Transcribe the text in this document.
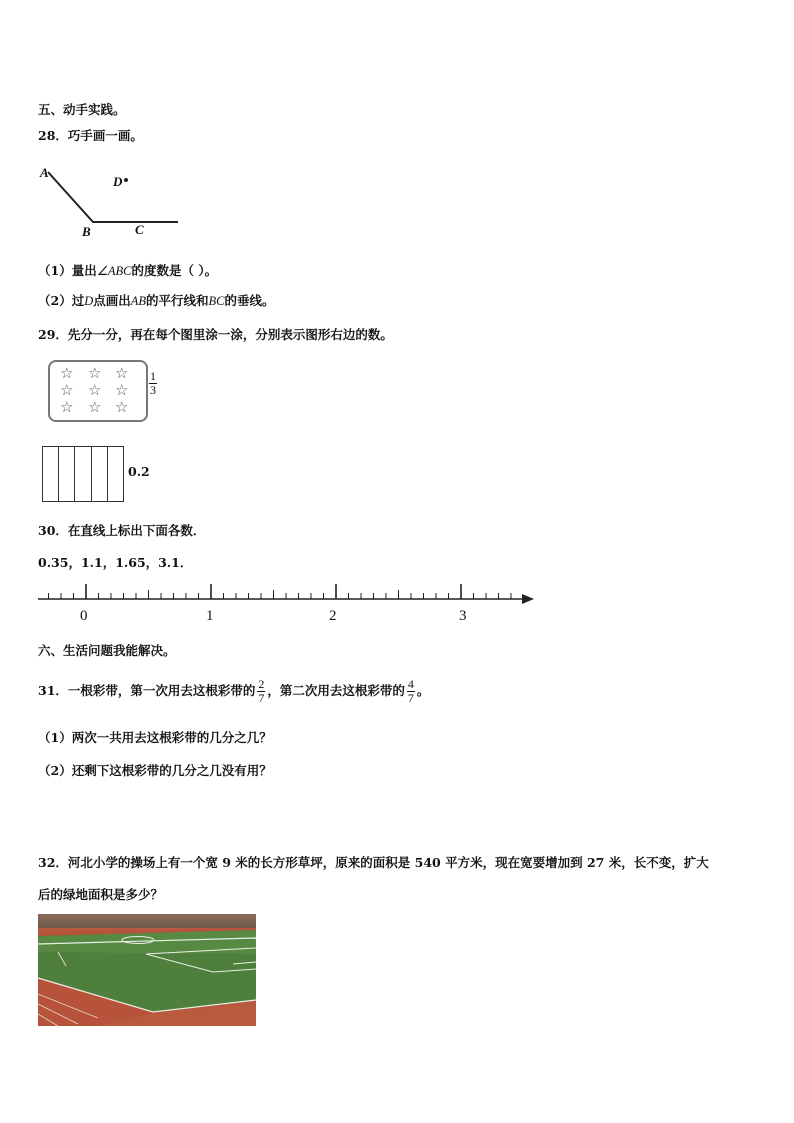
五、动手实践。
28．巧手画一画。
A
D
B	C
（1）量出∠ABC的度数是（ ）。
（2）过D点画出AB的平行线和BC的垂线。
29．先分一分，再在每个图里涂一涂，分别表示图形右边的数。
☆ ☆ ☆
☆ ☆ ☆
☆ ☆ ☆
$\frac{1}{3}$
0.2
30．在直线上标出下面各数．
0.35，1.1，1.65，3.1．
0	1	2	3
六、生活问题我能解决。
31．一根彩带，第一次用去这根彩带的 $\frac{2}{7}$ ，第二次用去这根彩带的 $\frac{4}{7}$ 。
（1）两次一共用去这根彩带的几分之几？
（2）还剩下这根彩带的几分之几没有用？
32．河北小学的操场上有一个宽 9 米的长方形草坪，原来的面积是 540 平方米，现在宽要增加到 27 米，长不变，扩大
后的绿地面积是多少？
